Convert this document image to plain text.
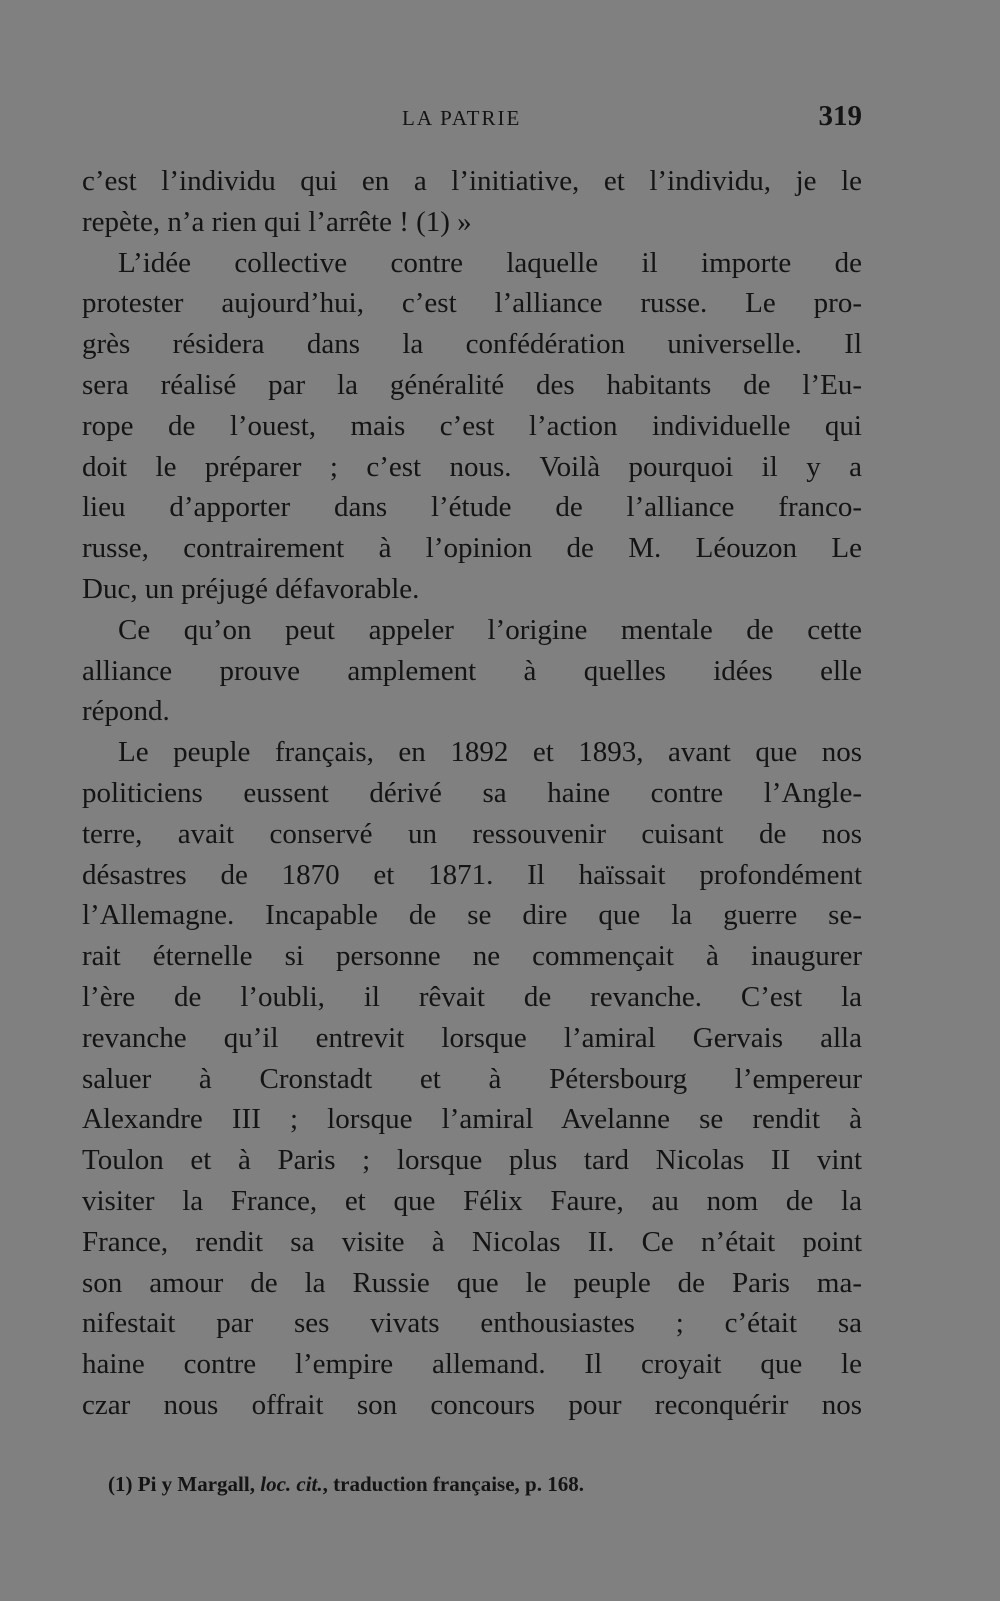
LA PATRIE	319
c’est l’individu qui en a l’initiative, et l’individu, je le
repète, n’a rien qui l’arrête ! (1) »
L’idée collective contre laquelle il importe de
protester aujourd’hui, c’est l’alliance russe. Le pro-
grès résidera dans la confédération universelle. Il
sera réalisé par la généralité des habitants de l’Eu-
rope de l’ouest, mais c’est l’action individuelle qui
doit le préparer ; c’est nous. Voilà pourquoi il y a
lieu d’apporter dans l’étude de l’alliance franco-
russe, contrairement à l’opinion de M. Léouzon Le
Duc, un préjugé défavorable.
Ce qu’on peut appeler l’origine mentale de cette
alliance prouve amplement à quelles idées elle
répond.
Le peuple français, en 1892 et 1893, avant que nos
politiciens eussent dérivé sa haine contre l’Angle-
terre, avait conservé un ressouvenir cuisant de nos
désastres de 1870 et 1871. Il haïssait profondément
l’Allemagne. Incapable de se dire que la guerre se-
rait éternelle si personne ne commençait à inaugurer
l’ère de l’oubli, il rêvait de revanche. C’est la
revanche qu’il entrevit lorsque l’amiral Gervais alla
saluer à Cronstadt et à Pétersbourg l’empereur
Alexandre III ; lorsque l’amiral Avelanne se rendit à
Toulon et à Paris ; lorsque plus tard Nicolas II vint
visiter la France, et que Félix Faure, au nom de la
France, rendit sa visite à Nicolas II. Ce n’était point
son amour de la Russie que le peuple de Paris ma-
nifestait par ses vivats enthousiastes ; c’était sa
haine contre l’empire allemand. Il croyait que le
czar nous offrait son concours pour reconquérir nos
(1) Pi y Margall, loc. cit., traduction française, p. 168.
